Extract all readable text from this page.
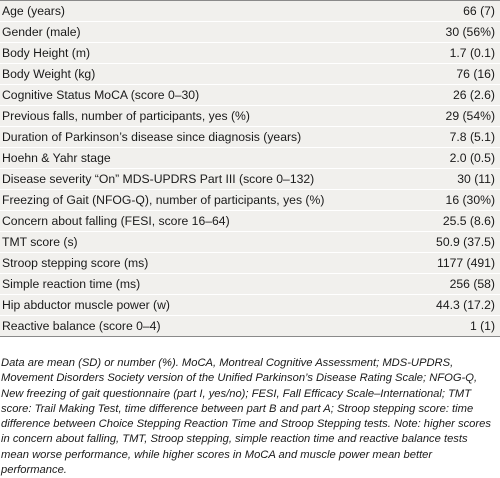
Age (years)	66 (7)
Gender (male)	30 (56%)
Body Height (m)	1.7 (0.1)
Body Weight (kg)	76 (16)
Cognitive Status MoCA (score 0–30)	26 (2.6)
Previous falls, number of participants, yes (%)	29 (54%)
Duration of Parkinson’s disease since diagnosis (years)	7.8 (5.1)
Hoehn & Yahr stage	2.0 (0.5)
Disease severity “On” MDS-UPDRS Part III (score 0–132)	30 (11)
Freezing of Gait (NFOG-Q), number of participants, yes (%)	16 (30%)
Concern about falling (FESI, score 16–64)	25.5 (8.6)
TMT score (s)	50.9 (37.5)
Stroop stepping score (ms)	1177 (491)
Simple reaction time (ms)	256 (58)
Hip abductor muscle power (w)	44.3 (17.2)
Reactive balance (score 0–4)	1 (1)

Data are mean (SD) or number (%). MoCA, Montreal Cognitive Assessment; MDS-UPDRS, Movement Disorders Society version of the Unified Parkinson’s Disease Rating Scale; NFOG-Q, New freezing of gait questionnaire (part I, yes/no); FESI, Fall Efficacy Scale–International; TMT score: Trail Making Test, time difference between part B and part A; Stroop stepping score: time difference between Choice Stepping Reaction Time and Stroop Stepping tests. Note: higher scores in concern about falling, TMT, Stroop stepping, simple reaction time and reactive balance tests mean worse performance, while higher scores in MoCA and muscle power mean better performance.
